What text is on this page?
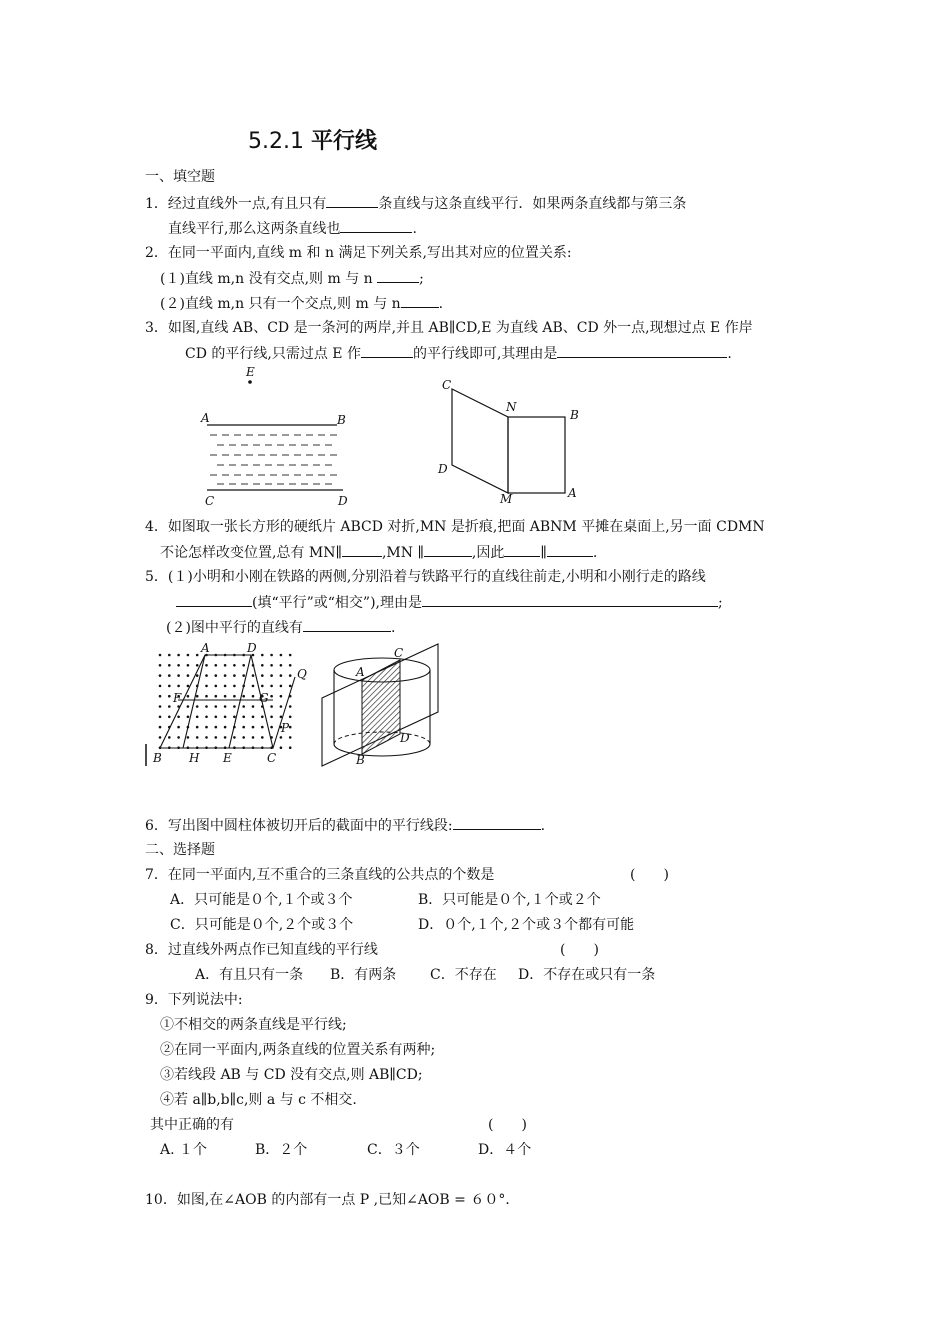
5.2.1 平行线
一、填空题
1．经过直线外一点,有且只有	条直线与这条直线平行．如果两条直线都与第三条
直线平行,那么这两条直线也	.
2．在同一平面内,直线 m 和 n 满足下列关系,写出其对应的位置关系:
(１)直线 m,n 没有交点,则 m 与 n	;
(２)直线 m,n 只有一个交点,则 m 与 n	.
3．如图,直线 AB、CD 是一条河的两岸,并且 AB∥CD,E 为直线 AB、CD 外一点,现想过点 E 作岸
CD 的平行线,只需过点 E 作	的平行线即可,其理由是	.
E
A	B
C	D
C
N
B
D
M	A
4．如图取一张长方形的硬纸片 ABCD 对折,MN 是折痕,把面 ABNM 平摊在桌面上,另一面 CDMN
不论怎样改变位置,总有 MN∥	,MN ∥	,因此	∥	.
5．(１)小明和小刚在铁路的两侧,分别沿着与铁路平行的直线往前走,小明和小刚行走的路线
(填“平行”或“相交”),理由是	;
(２)图中平行的直线有	.
A	D
Q
F	G
P
B H E	C
C
A
D
B
6．写出图中圆柱体被切开后的截面中的平行线段:	.
二、选择题
7．在同一平面内,互不重合的三条直线的公共点的个数是	(　　)
A．只可能是０个,１个或３个	B．只可能是０个,１个或２个
C．只可能是０个,２个或３个	D．０个,１个,２个或３个都有可能
8．过直线外两点作已知直线的平行线	(　　)
A．有且只有一条 B．有两条 C．不存在 D．不存在或只有一条
9．下列说法中:
①不相交的两条直线是平行线;
②在同一平面内,两条直线的位置关系有两种;
③若线段 AB 与 CD 没有交点,则 AB∥CD;
④若 a∥b,b∥c,则 a 与 c 不相交.
其中正确的有	(　　)
A. １个	B．２个	C．３个	D．４个
10．如图,在∠AOB 的内部有一点 P ,已知∠AOB = ６０°．
